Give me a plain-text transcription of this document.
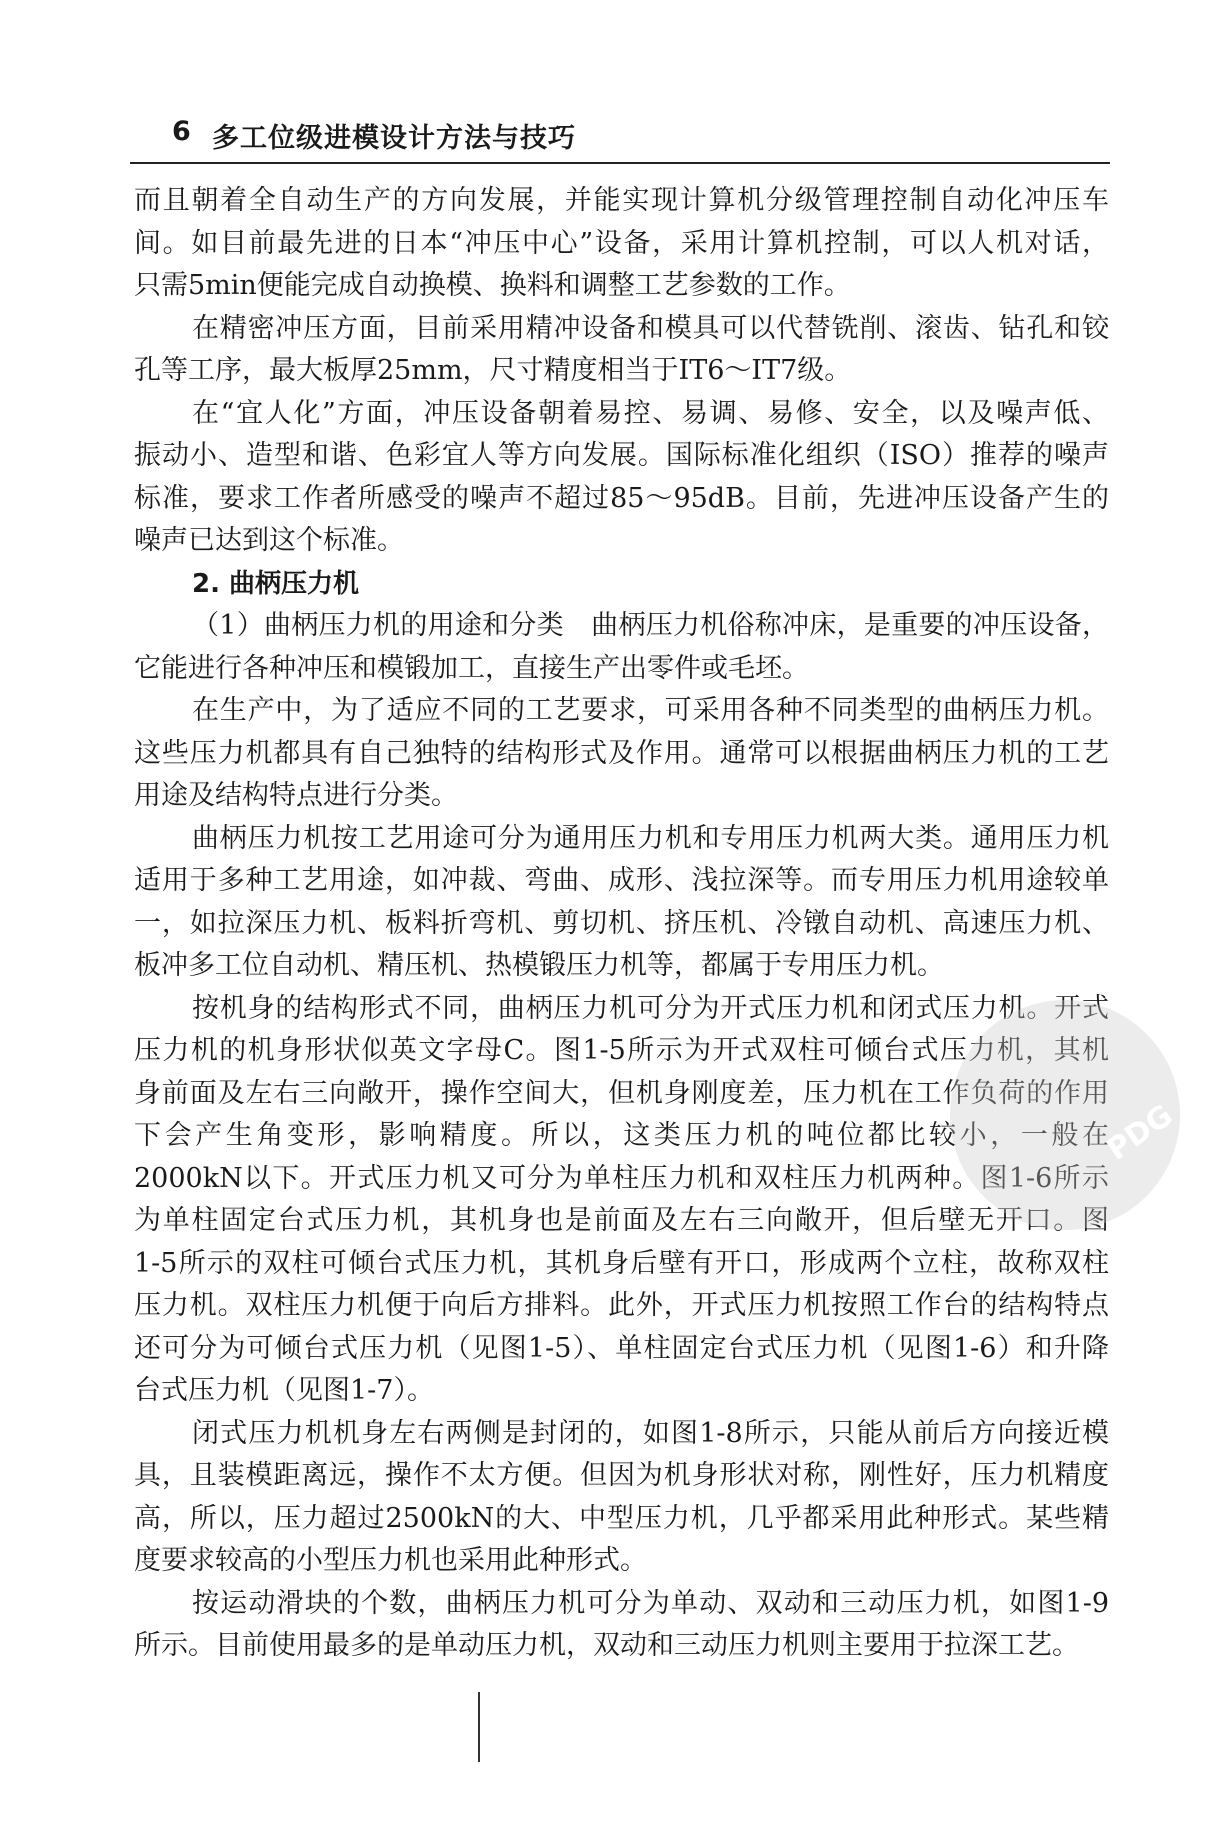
6 多工位级进模设计方法与技巧
而且朝着全自动生产的方向发展，并能实现计算机分级管理控制自动化冲压车
间。如目前最先进的日本“冲压中心”设备，采用计算机控制，可以人机对话，
只需5min便能完成自动换模、换料和调整工艺参数的工作。
在精密冲压方面，目前采用精冲设备和模具可以代替铣削、滚齿、钻孔和铰
孔等工序，最大板厚25mm，尺寸精度相当于IT6～IT7级。
在“宜人化”方面，冲压设备朝着易控、易调、易修、安全，以及噪声低、
振动小、造型和谐、色彩宜人等方向发展。国际标准化组织（ISO）推荐的噪声
标准，要求工作者所感受的噪声不超过85～95dB。目前，先进冲压设备产生的
噪声已达到这个标准。
2. 曲柄压力机
（1）曲柄压力机的用途和分类　曲柄压力机俗称冲床，是重要的冲压设备，
它能进行各种冲压和模锻加工，直接生产出零件或毛坯。
在生产中，为了适应不同的工艺要求，可采用各种不同类型的曲柄压力机。
这些压力机都具有自己独特的结构形式及作用。通常可以根据曲柄压力机的工艺
用途及结构特点进行分类。
曲柄压力机按工艺用途可分为通用压力机和专用压力机两大类。通用压力机
适用于多种工艺用途，如冲裁、弯曲、成形、浅拉深等。而专用压力机用途较单
一，如拉深压力机、板料折弯机、剪切机、挤压机、冷镦自动机、高速压力机、
板冲多工位自动机、精压机、热模锻压力机等，都属于专用压力机。
按机身的结构形式不同，曲柄压力机可分为开式压力机和闭式压力机。开式
压力机的机身形状似英文字母C。图1-5所示为开式双柱可倾台式压力机，其机
身前面及左右三向敞开，操作空间大，但机身刚度差，压力机在工作负荷的作用
下会产生角变形，影响精度。所以，这类压力机的吨位都比较小，一般在
2000kN以下。开式压力机又可分为单柱压力机和双柱压力机两种。图1-6所示
为单柱固定台式压力机，其机身也是前面及左右三向敞开，但后壁无开口。图
1-5所示的双柱可倾台式压力机，其机身后壁有开口，形成两个立柱，故称双柱
压力机。双柱压力机便于向后方排料。此外，开式压力机按照工作台的结构特点
还可分为可倾台式压力机（见图1-5）、单柱固定台式压力机（见图1-6）和升降
台式压力机（见图1-7）。
闭式压力机机身左右两侧是封闭的，如图1-8所示，只能从前后方向接近模
具，且装模距离远，操作不太方便。但因为机身形状对称，刚性好，压力机精度
高，所以，压力超过2500kN的大、中型压力机，几乎都采用此种形式。某些精
度要求较高的小型压力机也采用此种形式。
按运动滑块的个数，曲柄压力机可分为单动、双动和三动压力机，如图1-9
所示。目前使用最多的是单动压力机，双动和三动压力机则主要用于拉深工艺。
PDG
